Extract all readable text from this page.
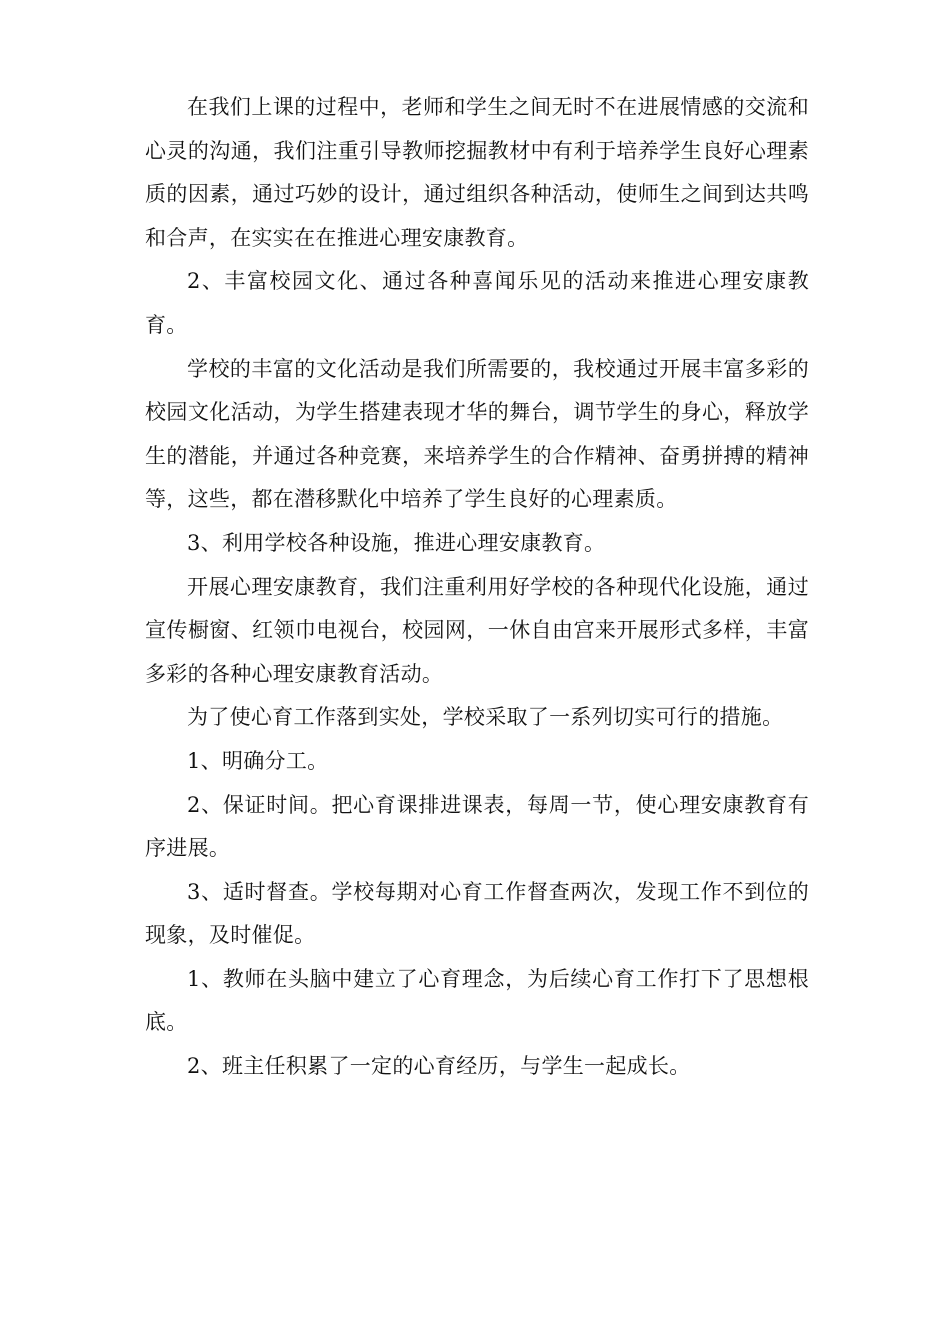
在我们上课的过程中，老师和学生之间无时不在进展情感的交流和心灵的沟通，我们注重引导教师挖掘教材中有利于培养学生良好心理素质的因素，通过巧妙的设计，通过组织各种活动，使师生之间到达共鸣和合声，在实实在在推进心理安康教育。

2、丰富校园文化、通过各种喜闻乐见的活动来推进心理安康教育。

学校的丰富的文化活动是我们所需要的，我校通过开展丰富多彩的校园文化活动，为学生搭建表现才华的舞台，调节学生的身心，释放学生的潜能，并通过各种竞赛，来培养学生的合作精神、奋勇拼搏的精神等，这些，都在潜移默化中培养了学生良好的心理素质。

3、利用学校各种设施，推进心理安康教育。

开展心理安康教育，我们注重利用好学校的各种现代化设施，通过宣传橱窗、红领巾电视台，校园网，一休自由宫来开展形式多样，丰富多彩的各种心理安康教育活动。

为了使心育工作落到实处，学校采取了一系列切实可行的措施。

1、明确分工。

2、保证时间。把心育课排进课表，每周一节，使心理安康教育有序进展。

3、适时督查。学校每期对心育工作督查两次，发现工作不到位的现象，及时催促。

1、教师在头脑中建立了心育理念，为后续心育工作打下了思想根底。

2、班主任积累了一定的心育经历，与学生一起成长。
